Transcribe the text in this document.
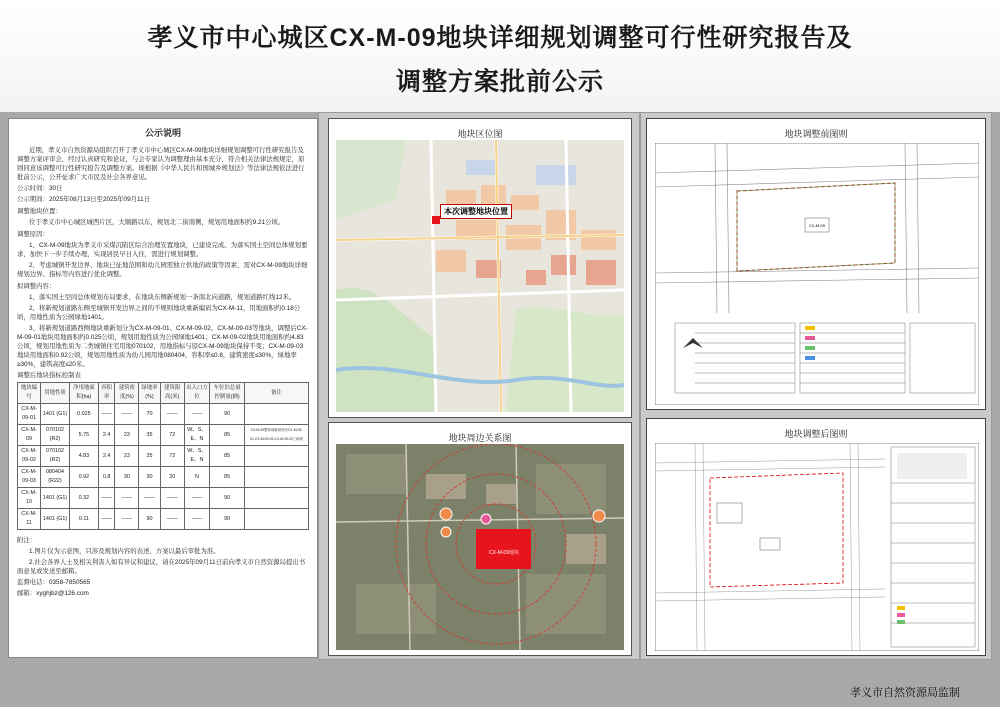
孝义市中心城区CX-M-09地块详细规划调整可行性研究报告及
调整方案批前公示
公示说明

近期，孝义市自然资源局组织召开了孝义市中心城区CX-M-09地块详细规划调整可行性研究报告及调整方案评审会，经过认真研究和论证，与会专家认为调整理由基本充分，符合相关法律法规规定，原则同意该调整可行性研究报告及调整方案。现根据《中华人民共和国城乡规划法》等法律法规依法进行批前公示，公开征求广大市民及社会各界意见。

公示时间：30日

公示期间：2025年08月13日至2025年09月11日

调整地块位置：

位于孝义市中心城区城西片区，大顺路以东，规划北二街南侧，规划用地面积约9.21公顷。

调整原因：

1、CX-M-09地块为孝义市采煤沉陷区综合治理安置地块，已建设完成。为落实国土空间总体规划要求，加快下一步手续办理，实现居民早日入住，需进行规划调整。

2、考虑城镇开发边界、地块已征地范围和幼儿园需独立供地的政策等因素，需对CX-M-09地块详细规划边界、指标等内容进行优化调整。

拟调整内容：

1、落实国土空间总体规划布局要求，在地块东侧新规划一条南北向道路，规划道路红线12米。

2、将新规划道路东侧至城镇开发边界之间的不规则地块重新编码为CX-M-11，用地面积约0.18公顷，用地性质为公园绿地1401。

3、将新规划道路西侧地块重新划分为CX-M-09-01、CX-M-09-02、CX-M-09-03等地块，调整后CX-M-09-01地块用地面积约0.025公顷，规划用地性质为公园绿地1401；CX-M-09-02地块用地面积约4.83公顷，规划用地性质为二类城镇住宅用地070102，用地指标与原CX-M-09地块保持不变；CX-M-09-03地块用地面积0.92公顷，规划用地性质为幼儿园用地080404，容积率≤0.8，建筑密度≤30%，绿地率≥30%，建筑高度≤20米。

调整后地块指标控制表

地块编号	用地性质	净用地面积(ha)	容积率	建筑密度(%)	绿地率(%)	建筑限高(米)	出入口方位	车位泊总量控制量(辆)	备注
CX-M-09-01	1401 (G1)	0.025	——	——	70	——	——	90	
CX-M-09	070102 (R2)	5.75	2.4	23	35	72	W、S、E、N	85	CX-M-09整体被新规划为CX-M-09-01,CX-M-09-02,CX-M-09-03三地块
CX-M-09-02	070102 (R2)	4.83	2.4	23	35	72	W、S、E、N	85	
CX-M-09-03	080404 (R22)	0.92	0.8	30	30	20	N	85	
CX-M-10	1401 (G1)	0.32	——	——	——	——	——	90	
CX-M-11	1401 (G1)	0.11	——	——	90	——	——	90	

附注：

1.图片仅为示意图，只涉及规划内容的表述，方案以最后审批为准。

2.社会各界人士及相关利害人如有异议和建议，请在2025年09月11日前向孝义市自然资源局提出书面意见或发送至邮箱。

监督电话：0358-7850565

邮箱：xyghjbz@126.com

地块区位图
本次调整地块位置
地块周边关系图
CX-M-09地块
地块调整前图则
CX-M-09
地块调整后图则
孝义市自然资源局监制
